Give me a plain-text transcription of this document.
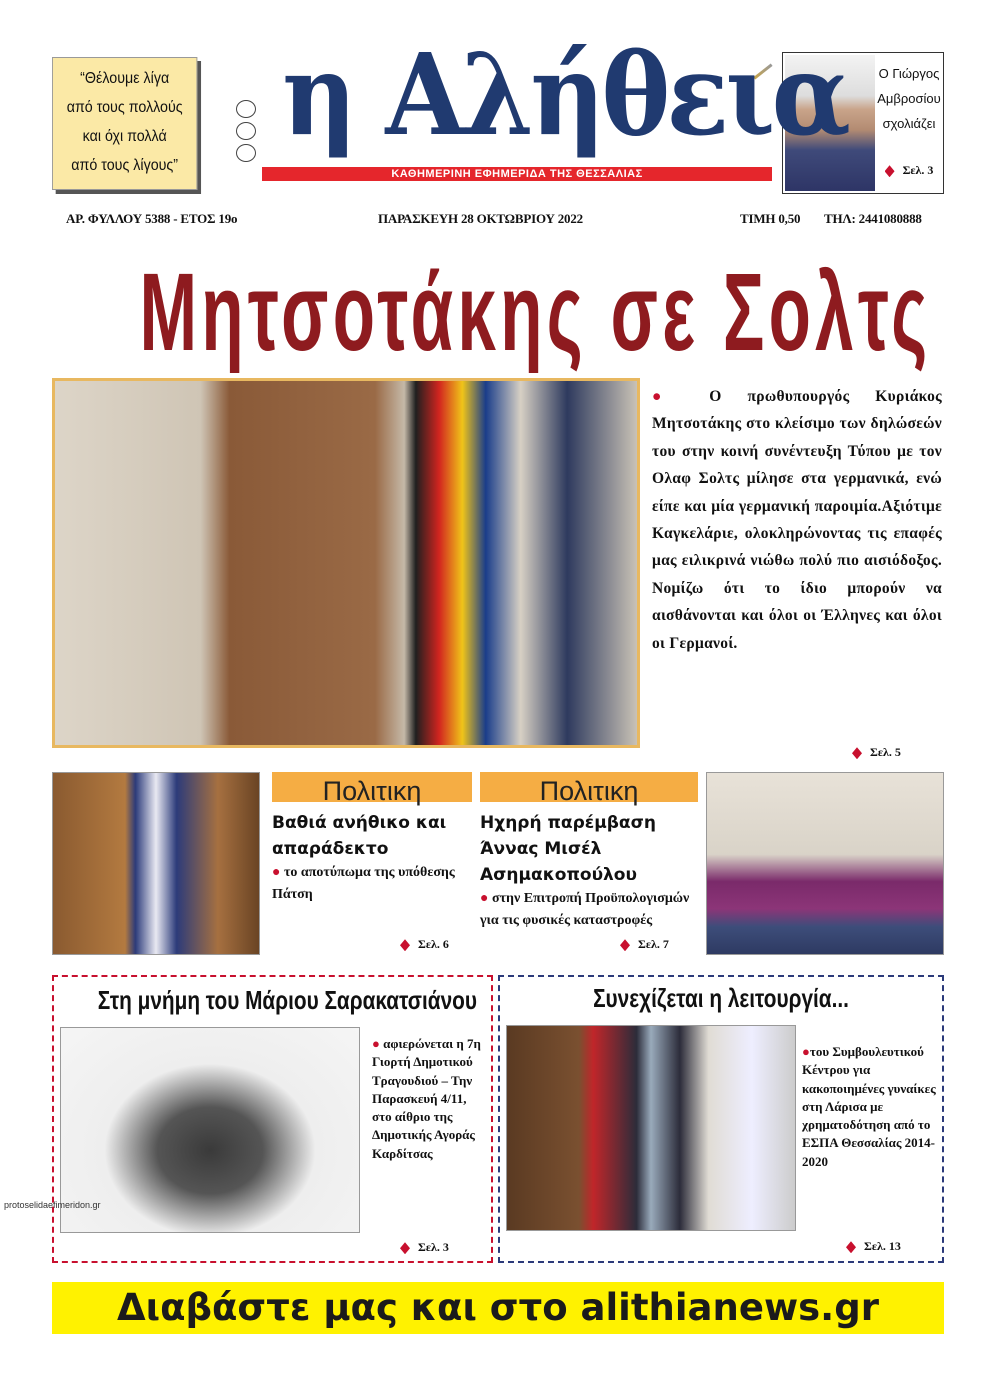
“Θέλουμε λίγα
από τους πολλούς
και όχι πολλά
από τους λίγους”
η Αλήθεια
ΚΑΘΗΜΕΡΙΝΗ ΕΦΗΜΕΡΙΔΑ ΤΗΣ ΘΕΣΣΑΛΙΑΣ
Ο Γιώργος
Αμβροσίου
σχολιάζει
Σελ. 3
ΑΡ. ΦΥΛΛΟΥ 5388 - ΕΤΟΣ 19ο	ΠΑΡΑΣΚΕΥΗ 28 ΟΚΤΩΒΡΙΟΥ 2022	ΤΙΜΗ 0,50 ΤΗΛ: 2441080888
Μητσοτάκης σε Σολτς
● Ο πρωθυπουργός Κυριάκος Μητσοτάκης στο κλείσιμο των δηλώσεών του στην κοινή συνέντευξη Τύπου με τον Ολαφ Σολτς μίλησε στα γερμανικά, ενώ είπε και μία γερμανική παροιμία.Αξιότιμε Καγκελάριε, ολοκληρώνοντας τις επαφές μας ειλικρινά νιώθω πολύ πιο αισιόδοξος. Νομίζω ότι το ίδιο μπορούν να αισθάνονται και όλοι οι Έλληνες και όλοι οι Γερμανοί.
Σελ. 5
Πολιτικη
Βαθιά ανήθικο και απαράδεκτο
● το αποτύπωμα της υπόθεσης Πάτση
Σελ. 6
Πολιτικη
Ηχηρή παρέμβαση Άννας Μισέλ Ασημακοπούλου
● στην Επιτροπή Προϋπολογισμών για τις φυσικές καταστροφές
Σελ. 7
Στη μνήμη του Μάριου Σαρακατσιάνου
● αφιερώνεται η 7η Γιορτή Δημοτικού Τραγουδιού – Την Παρασκευή 4/11, στο αίθριο της Δημοτικής Αγοράς Καρδίτσας
Σελ. 3
Συνεχίζεται η λειτουργία...
●του Συμβουλευτικού Κέντρου για κακοποιημένες γυναίκες στη Λάρισα με χρηματοδότηση από το ΕΣΠΑ Θεσσαλίας 2014-2020
Σελ. 13
protoselidaefimeridon.gr
Διαβάστε μας και στο alithianews.gr
